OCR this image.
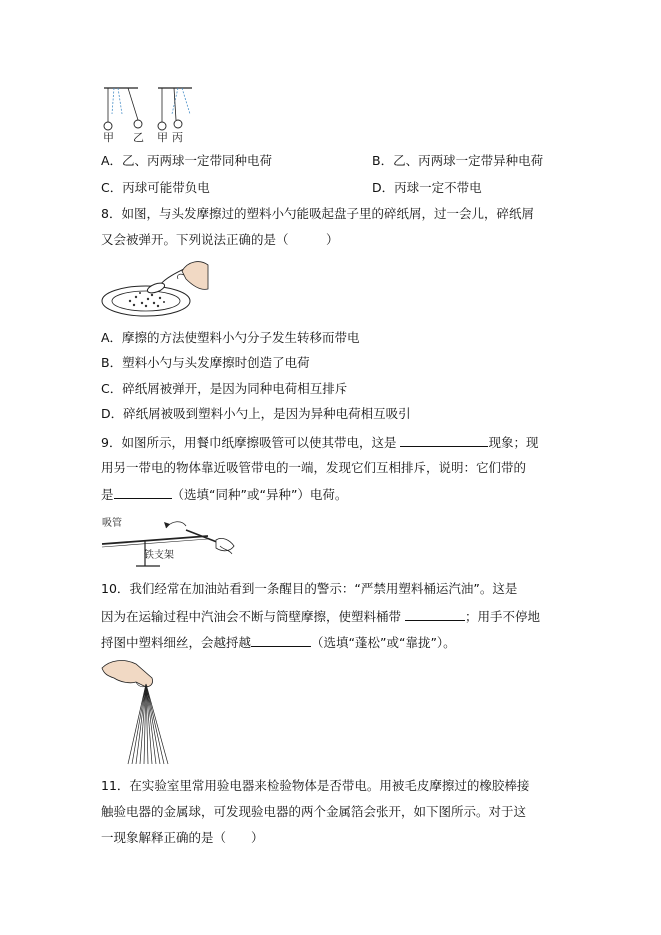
甲 乙 甲 丙
A．乙、丙两球一定带同种电荷	B．乙、丙两球一定带异种电荷
C．丙球可能带负电	D．丙球一定不带电
8．如图，与头发摩擦过的塑料小勺能吸起盘子里的碎纸屑，过一会儿，碎纸屑
又会被弹开。下列说法正确的是（　　　）
A．摩擦的方法使塑料小勺分子发生转移而带电
B．塑料小勺与头发摩擦时创造了电荷
C．碎纸屑被弹开，是因为同种电荷相互排斥
D．碎纸屑被吸到塑料小勺上，是因为异种电荷相互吸引
9．如图所示，用餐巾纸摩擦吸管可以使其带电，这是	现象；现
用另一带电的物体靠近吸管带电的一端，发现它们互相排斥，说明：它们带的
是	（选填“同种”或“异种”）电荷。
吸管
铁支架
10．我们经常在加油站看到一条醒目的警示：“严禁用塑料桶运汽油”。这是
因为在运输过程中汽油会不断与筒壁摩擦，使塑料桶带	；用手不停地
捋图中塑料细丝，会越捋越	（选填“蓬松”或“靠拢”）。
11．在实验室里常用验电器来检验物体是否带电。用被毛皮摩擦过的橡胶棒接
触验电器的金属球，可发现验电器的两个金属箔会张开，如下图所示。对于这
一现象解释正确的是（　　）
